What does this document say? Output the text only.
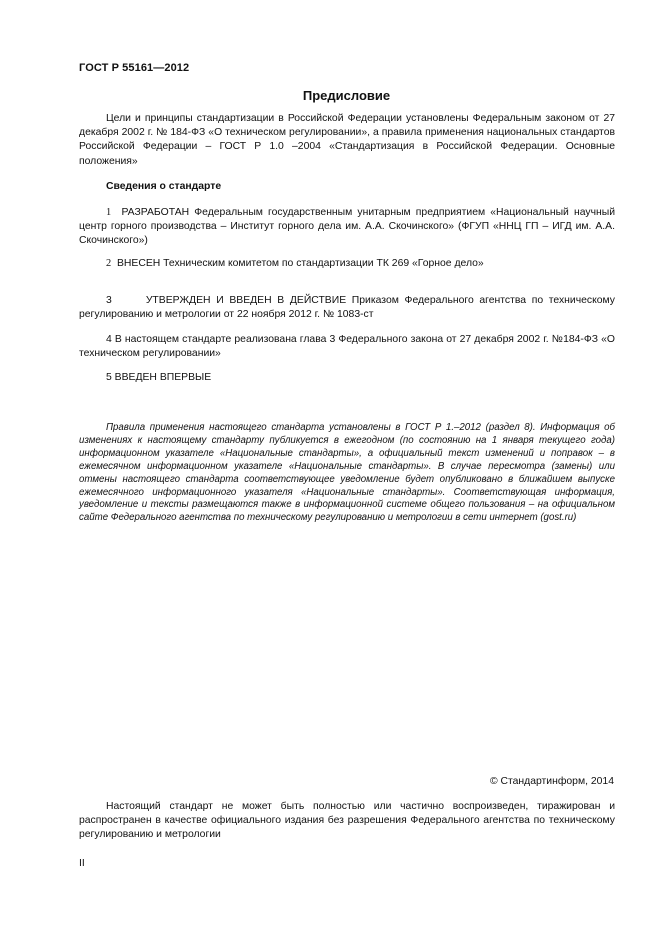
ГОСТ Р 55161—2012
Предисловие

Цели и принципы стандартизации в Российской Федерации установлены Федеральным законом от 27 декабря 2002 г. № 184-ФЗ «О техническом регулировании», а правила применения национальных стандартов Российской Федерации – ГОСТ Р 1.0 –2004 «Стандартизация в Российской Федерации. Основные положения»

Сведения о стандарте

1 РАЗРАБОТАН Федеральным государственным унитарным предприятием «Национальный научный центр горного производства – Институт горного дела им. А.А. Скочинского» (ФГУП «ННЦ ГП – ИГД им. А.А. Скочинского»)

2 ВНЕСЕН Техническим комитетом по стандартизации ТК 269 «Горное дело»

3	УТВЕРЖДЕН И ВВЕДЕН В ДЕЙСТВИЕ Приказом Федерального агентства по техническому регулированию и метрологии от 22 ноября 2012 г. № 1083-ст

4 В настоящем стандарте реализована глава 3 Федерального закона от 27 декабря 2002 г. №184-ФЗ «О техническом регулировании»

5 ВВЕДЕН ВПЕРВЫЕ

Правила применения настоящего стандарта установлены в ГОСТ Р 1.–2012 (раздел 8). Информация об изменениях к настоящему стандарту публикуется в ежегодном (по состоянию на 1 января текущего года) информационном указателе «Национальные стандарты», а официальный текст изменений и поправок – в ежемесячном информационном указателе «Национальные стандарты». В случае пересмотра (замены) или отмены настоящего стандарта соответствующее уведомление будет опубликовано в ближайшем выпуске ежемесячного информационного указателя «Национальные стандарты». Соответствующая информация, уведомление и тексты размещаются также в информационной системе общего пользования – на официальном сайте Федерального агентства по техническому регулированию и метрологии в сети интернет (gost.ru)

© Стандартинформ, 2014

Настоящий стандарт не может быть полностью или частично воспроизведен, тиражирован и распространен в качестве официального издания без разрешения Федерального агентства по техническому регулированию и метрологии

II
